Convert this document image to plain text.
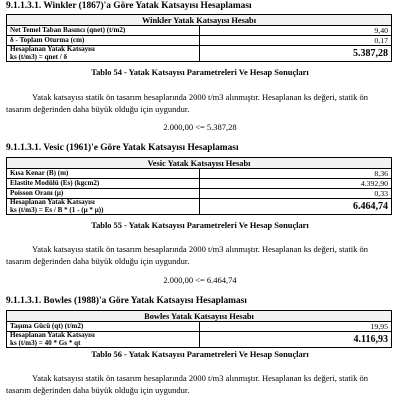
9.1.1.3.1. Winkler (1867)'a Göre Yatak Katsayısı Hesaplaması
Winkler Yatak Katsayısı Hesabı	
Net Temel Taban Basıncı (qnet) (t/m2)	9,40
δ - Toplam Oturma (cm)	0,17

Hesaplanan Yatak Katsayısı
ks (t/m3) = qnet / δ	5.387,28
Tablo 54 - Yatak Katsayısı Parametreleri Ve Hesap Sonuçları
Yatak katsayısı statik ön tasarım hesaplarında 2000 t/m3 alınmıştır. Hesaplanan ks değeri, statik ön tasarım değerinden daha büyük olduğu için uygundur.
2.000,00 <= 5.387,28
9.1.1.3.1. Vesic (1961)'e Göre Yatak Katsayısı Hesaplaması
Vesic Yatak Katsayısı Hesabı	
Kısa Kenar (B) (m)	8,36
Elastite Modülü (Es) (kgcm2)	4.392,90
Poisson Oranı (μ)	0,33

Hesaplanan Yatak Katsayısı
ks (t/m3) = Es / B * (1 - (μ * μ))	6.464,74
Tablo 55 - Yatak Katsayısı Parametreleri Ve Hesap Sonuçları
Yatak katsayısı statik ön tasarım hesaplarında 2000 t/m3 alınmıştır. Hesaplanan ks değeri, statik ön tasarım değerinden daha büyük olduğu için uygundur.
2.000,00 <= 6.464,74
9.1.1.3.1. Bowles (1988)'a Göre Yatak Katsayısı Hesaplaması
Bowles Yatak Katsayısı Hesabı	
Taşıma Gücü (qt) (t/m2)	19,95

Hesaplanan Yatak Katsayısı
ks (t/m3) = 40 * Gs * qt	4.116,93
Tablo 56 - Yatak Katsayısı Parametreleri Ve Hesap Sonuçları
Yatak katsayısı statik ön tasarım hesaplarında 2000 t/m3 alınmıştır. Hesaplanan ks değeri, statik ön tasarım değerinden daha büyük olduğu için uygundur.
